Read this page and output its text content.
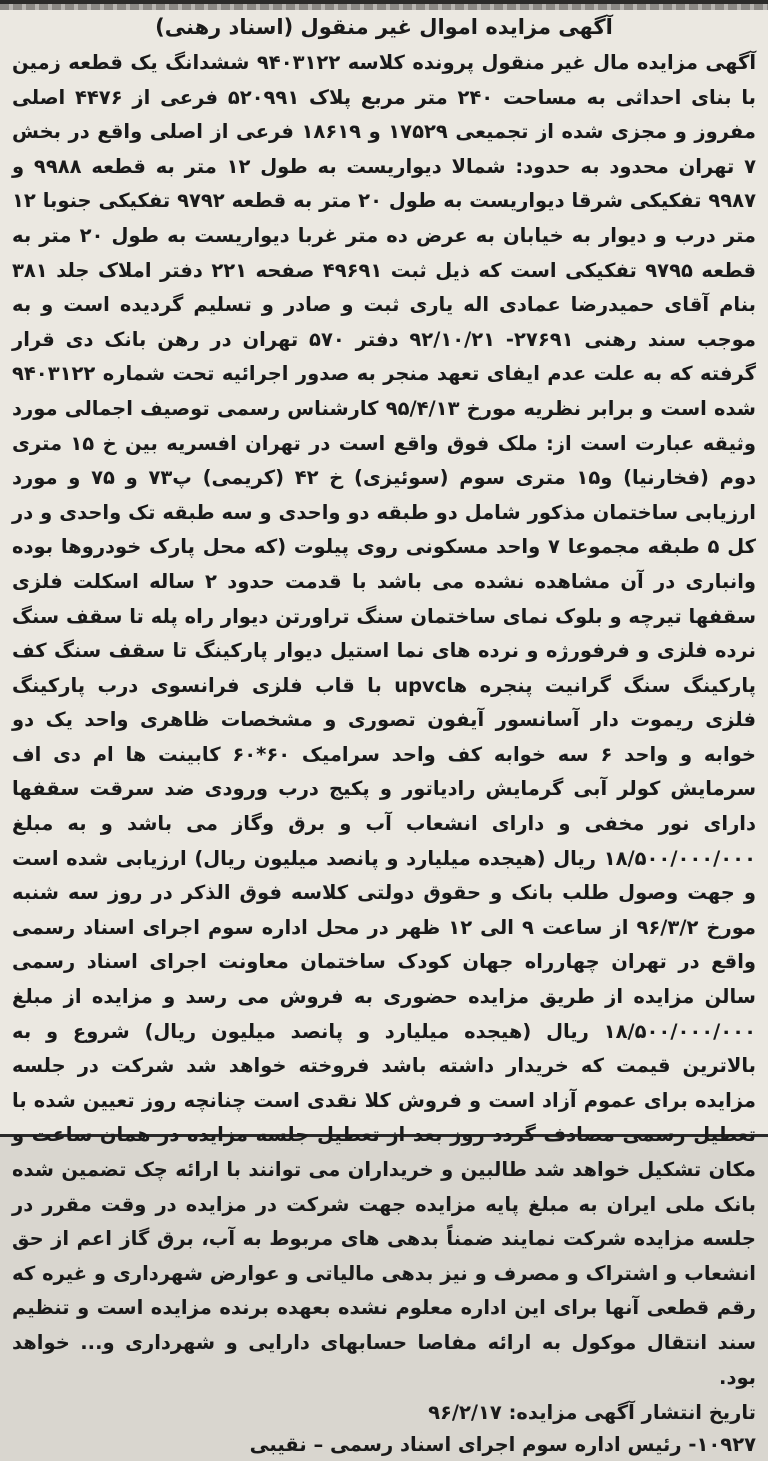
آگهی مزایده اموال غیر منقول (اسناد رهنی)

آگهی مزایده مال غیر منقول پرونده کلاسه ۹۴۰۳۱۲۲ ششدانگ یک قطعه زمین با بنای احداثی به مساحت ۲۴۰ متر مربع پلاک ۵۲۰۹۹۱ فرعی از ۴۴۷۶ اصلی مفروز و مجزی شده از تجمیعی ۱۷۵۲۹ و ۱۸۶۱۹ فرعی از اصلی واقع در بخش ۷ تهران محدود به حدود: شمالا دیواریست به طول ۱۲ متر به قطعه ۹۹۸۸ و ۹۹۸۷ تفکیکی شرقا دیواریست به طول ۲۰ متر به قطعه ۹۷۹۲ تفکیکی جنوبا ۱۲ متر درب و دیوار به خیابان به عرض ده متر غربا دیواریست به طول ۲۰ متر به قطعه ۹۷۹۵ تفکیکی است که ذیل ثبت ۴۹۶۹۱ صفحه ۲۲۱ دفتر املاک جلد ۳۸۱ بنام آقای حمیدرضا عمادی اله یاری ثبت و صادر و تسلیم گردیده است و به موجب سند رهنی ۲۷۶۹۱- ۹۲/۱۰/۲۱ دفتر ۵۷۰ تهران در رهن بانک دی قرار گرفته که به علت عدم ایفای تعهد منجر به صدور اجرائیه تحت شماره ۹۴۰۳۱۲۲ شده است و برابر نظریه مورخ ۹۵/۴/۱۳ کارشناس رسمی توصیف اجمالی مورد وثیقه عبارت است از: ملک فوق واقع است در تهران افسریه بین خ ۱۵ متری دوم (فخارنیا) و۱۵ متری سوم (سوئیزی) خ ۴۲ (کریمی) پ۷۳ و ۷۵ و مورد ارزیابی ساختمان مذکور شامل دو طبقه دو واحدی و سه طبقه تک واحدی و در کل ۵ طبقه مجموعا ۷ واحد مسکونی روی پیلوت (که محل پارک خودروها بوده وانباری در آن مشاهده نشده می باشد با قدمت حدود ۲ ساله اسکلت فلزی سقفها تیرچه و بلوک نمای ساختمان سنگ تراورتن دیوار راه پله تا سقف سنگ نرده فلزی و فرفورژه و نرده های نما استیل دیوار پارکینگ تا سقف سنگ کف پارکینگ سنگ گرانیت پنجره هاupvc با قاب فلزی فرانسوی درب پارکینگ فلزی ریموت دار آسانسور آیفون تصوری و مشخصات ظاهری واحد یک دو خوابه و واحد ۶ سه خوابه کف واحد سرامیک ۶۰*۶۰ کابینت ها ام دی اف سرمایش کولر آبی گرمایش رادیاتور و پکیج درب ورودی ضد سرقت سقفها دارای نور مخفی و دارای انشعاب آب و برق وگاز می باشد و به مبلغ ۱۸/۵۰۰/۰۰۰/۰۰۰ ریال (هیجده میلیارد و پانصد میلیون ریال) ارزیابی شده است و جهت وصول طلب بانک و حقوق دولتی کلاسه فوق الذکر در روز سه شنبه مورخ ۹۶/۳/۲ از ساعت ۹ الی ۱۲ ظهر در محل اداره سوم اجرای اسناد رسمی واقع در تهران چهارراه جهان کودک ساختمان معاونت اجرای اسناد رسمی سالن مزایده از طریق مزایده حضوری به فروش می رسد و مزایده از مبلغ ۱۸/۵۰۰/۰۰۰/۰۰۰ ریال (هیجده میلیارد و پانصد میلیون ریال) شروع و به بالاترین قیمت که خریدار داشته باشد فروخته خواهد شد شرکت در جلسه مزایده برای عموم آزاد است و فروش کلا نقدی است چنانچه روز تعیین شده با تعطیل رسمی مصادف گردد روز بعد از تعطیل جلسه مزایده در همان ساعت و مکان تشکیل خواهد شد طالبین و خریداران می توانند با ارائه چک تضمین شده بانک ملی ایران به مبلغ پایه مزایده جهت شرکت در مزایده در وقت مقرر در جلسه مزایده شرکت نمایند ضمناً بدهی های مربوط به آب، برق گاز اعم از حق انشعاب و اشتراک و مصرف و نیز بدهی مالیاتی و عوارض شهرداری و غیره که رقم قطعی آنها برای این اداره معلوم نشده بعهده برنده مزایده است و تنظیم سند انتقال موکول به ارائه مفاصا حسابهای دارایی و شهرداری و... خواهد بود.

تاریخ انتشار آگهی مزایده: ۹۶/۲/۱۷
۱۰۹۲۷- رئیس اداره سوم اجرای اسناد رسمی – نقیبی
